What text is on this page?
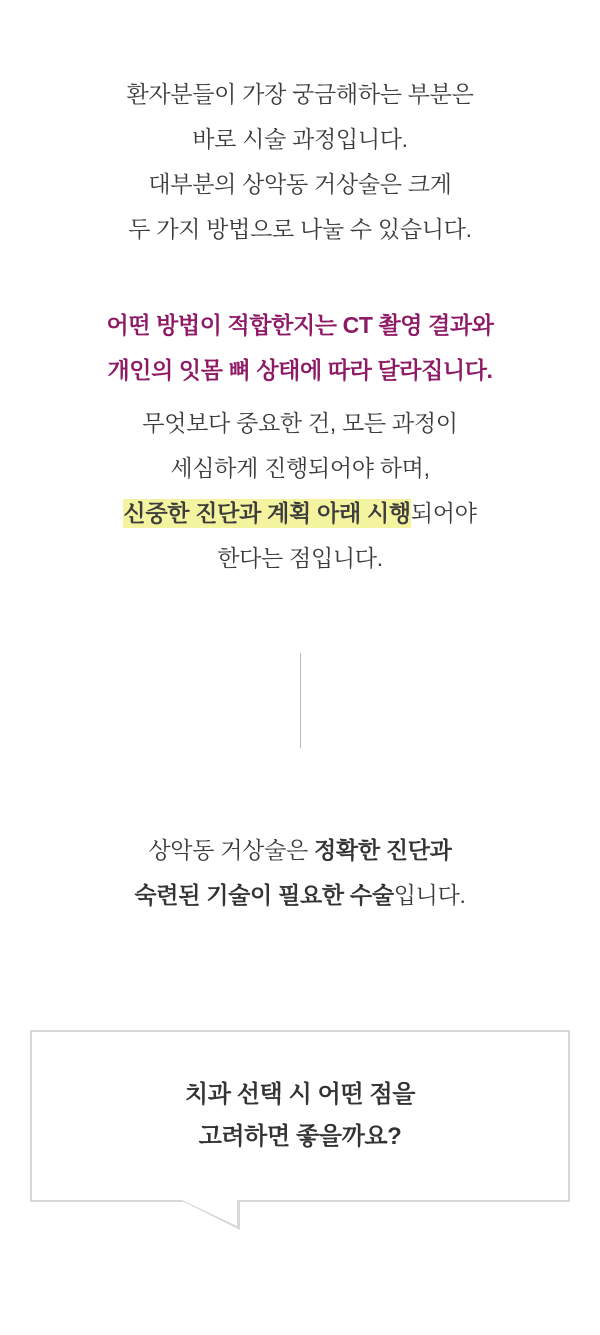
환자분들이 가장 궁금해하는 부분은
바로 시술 과정입니다.
대부분의 상악동 거상술은 크게
두 가지 방법으로 나눌 수 있습니다.
어떤 방법이 적합한지는 CT 촬영 결과와
개인의 잇몸 뼈 상태에 따라 달라집니다.
무엇보다 중요한 건, 모든 과정이
세심하게 진행되어야 하며,
신중한 진단과 계획 아래 시행되어야
한다는 점입니다.
상악동 거상술은 정확한 진단과
숙련된 기술이 필요한 수술입니다.
치과 선택 시 어떤 점을
고려하면 좋을까요?
